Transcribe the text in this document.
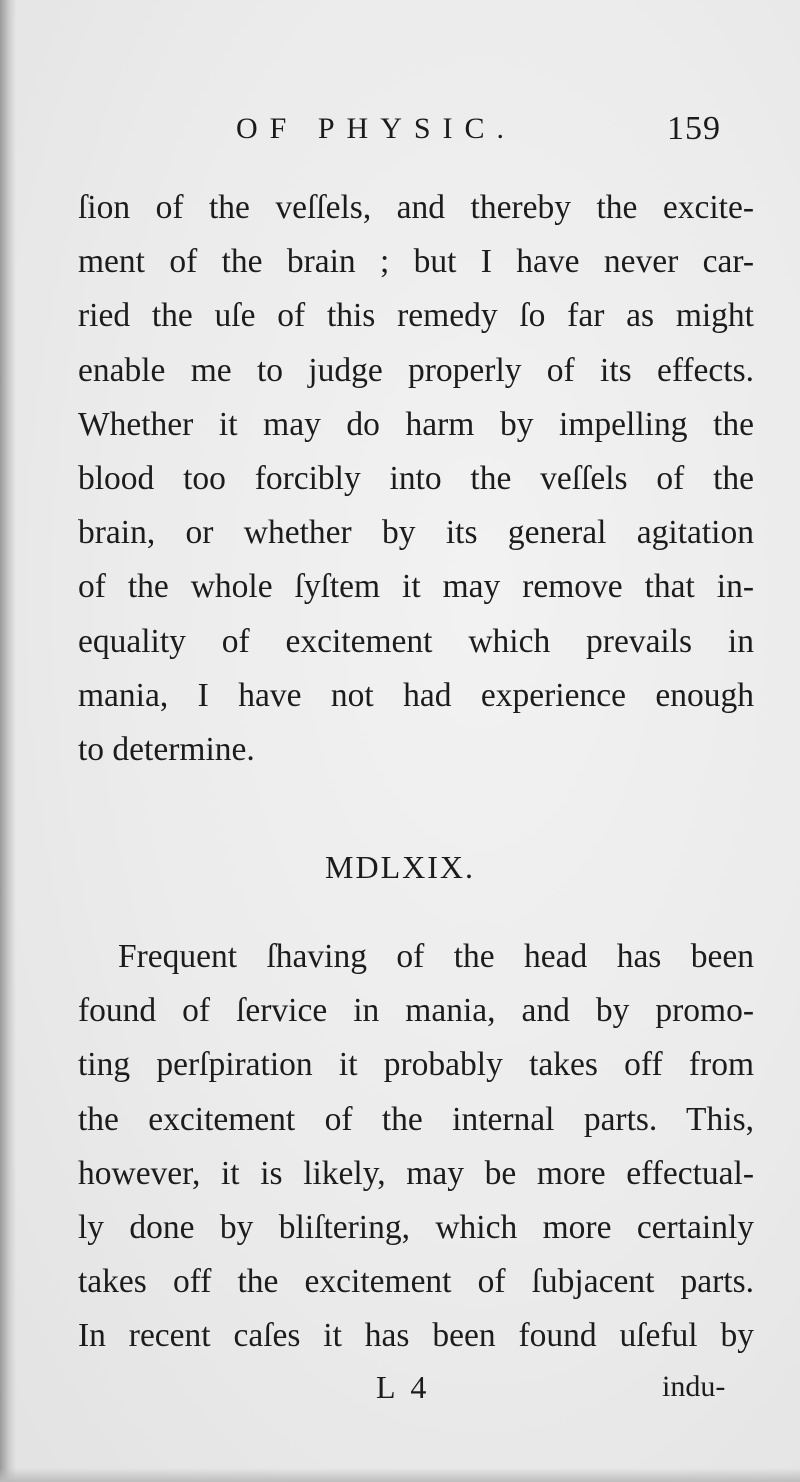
OF PHYSIC.	159

ſion of the veſſels, and thereby the excite-
ment of the brain ; but I have never car-
ried the uſe of this remedy ſo far as might
enable me to judge properly of its effects.
Whether it may do harm by impelling the
blood too forcibly into the veſſels of the
brain, or whether by its general agitation
of the whole ſyſtem it may remove that in-
equality of excitement which prevails in
mania, I have not had experience enough
to determine.

MDLXIX.

Frequent ſhaving of the head has been
found of ſervice in mania, and by promo-
ting perſpiration it probably takes off from
the excitement of the internal parts. This,
however, it is likely, may be more effectual-
ly done by bliſtering, which more certainly
takes off the excitement of ſubjacent parts.
In recent caſes it has been found uſeful by

L 4	indu-
